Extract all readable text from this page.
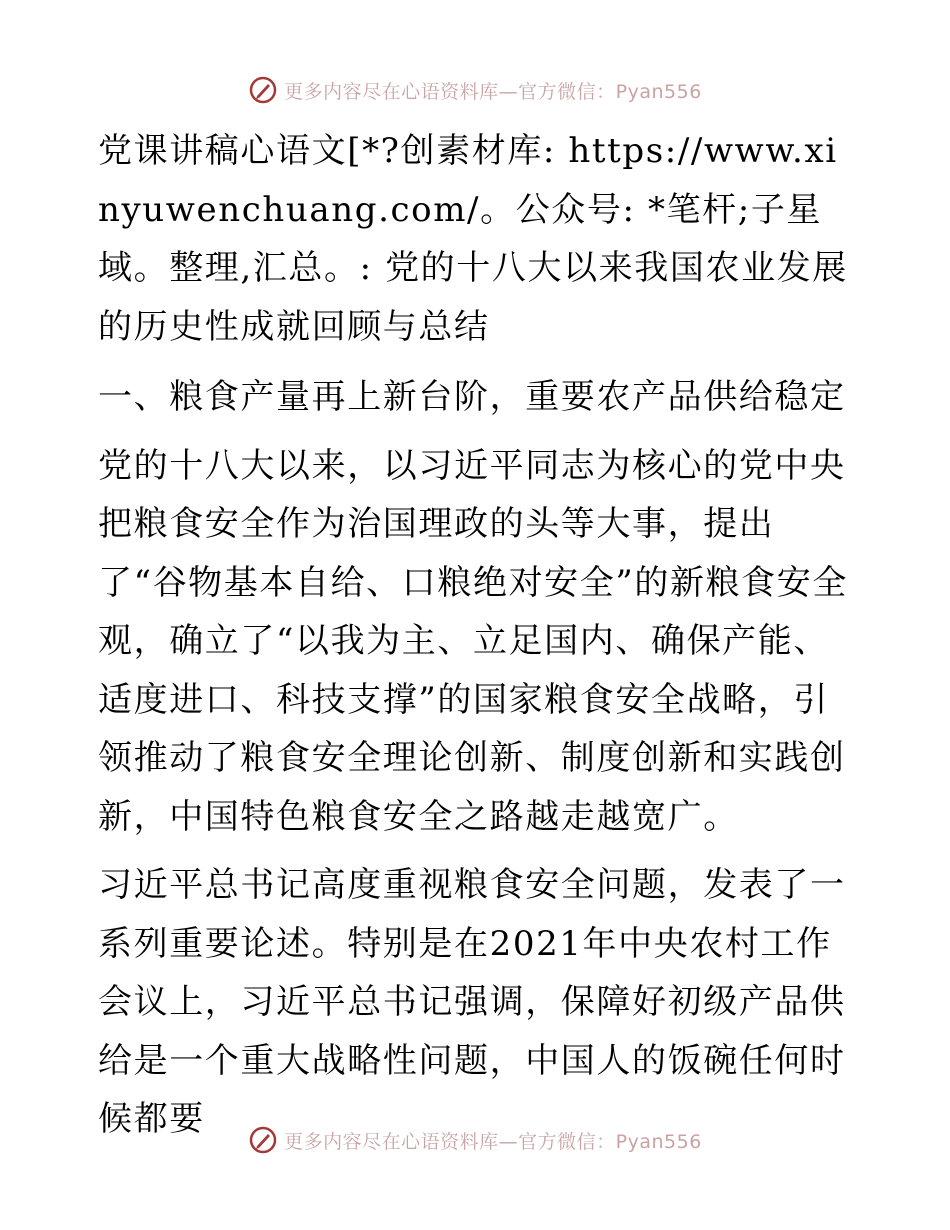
更多内容尽在心语资料库—官方微信：Pyan556

党课讲稿心语文[*?创素材库: https://www.xinyuwenchuang.com/。公众号: *笔杆;子星域。整理,汇总。: 党的十八大以来我国农业发展的历史性成就回顾与总结

一、粮食产量再上新台阶，重要农产品供给稳定

党的十八大以来，以习近平同志为核心的党中央把粮食安全作为治国理政的头等大事，提出了“谷物基本自给、口粮绝对安全”的新粮食安全观，确立了“以我为主、立足国内、确保产能、适度进口、科技支撑”的国家粮食安全战略，引领推动了粮食安全理论创新、制度创新和实践创新，中国特色粮食安全之路越走越宽广。

习近平总书记高度重视粮食安全问题，发表了一系列重要论述。特别是在2021年中央农村工作会议上，习近平总书记强调，保障好初级产品供给是一个重大战略性问题，中国人的饭碗任何时候都要

更多内容尽在心语资料库—官方微信：Pyan556
